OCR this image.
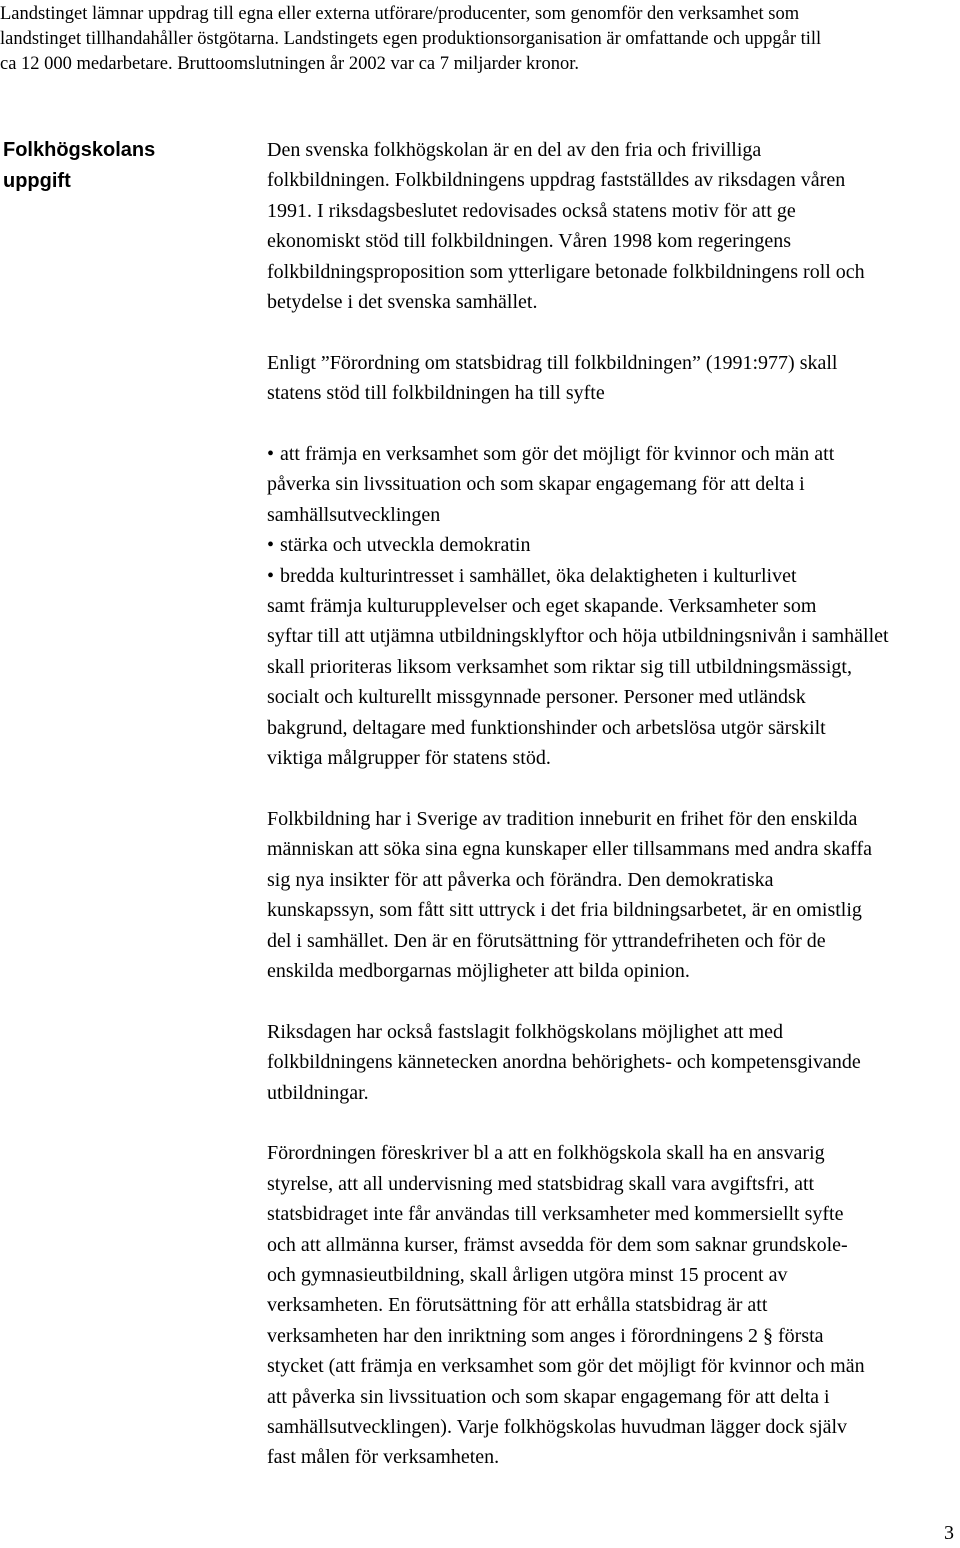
Landstinget lämnar uppdrag till egna eller externa utförare/producenter, som genomför den verksamhet som
landstinget tillhandahåller östgötarna. Landstingets egen produktionsorganisation är omfattande och uppgår till
ca 12 000 medarbetare. Bruttoomslutningen år 2002 var ca 7 miljarder kronor.
Folkhögskolans
uppgift
Den svenska folkhögskolan är en del av den fria och frivilliga
folkbildningen. Folkbildningens uppdrag fastställdes av riksdagen våren
1991. I riksdagsbeslutet redovisades också statens motiv för att ge
ekonomiskt stöd till folkbildningen. Våren 1998 kom regeringens
folkbildningsproposition som ytterligare betonade folkbildningens roll och
betydelse i det svenska samhället.
Enligt ”Förordning om statsbidrag till folkbildningen” (1991:977) skall
statens stöd till folkbildningen ha till syfte
• att främja en verksamhet som gör det möjligt för kvinnor och män att
påverka sin livssituation och som skapar engagemang för att delta i
samhällsutvecklingen
• stärka och utveckla demokratin
• bredda kulturintresset i samhället, öka delaktigheten i kulturlivet
samt främja kulturupplevelser och eget skapande. Verksamheter som
syftar till att utjämna utbildningsklyftor och höja utbildningsnivån i samhället
skall prioriteras liksom verksamhet som riktar sig till utbildningsmässigt,
socialt och kulturellt missgynnade personer. Personer med utländsk
bakgrund, deltagare med funktionshinder och arbetslösa utgör särskilt
viktiga målgrupper för statens stöd.
Folkbildning har i Sverige av tradition inneburit en frihet för den enskilda
människan att söka sina egna kunskaper eller tillsammans med andra skaffa
sig nya insikter för att påverka och förändra. Den demokratiska
kunskapssyn, som fått sitt uttryck i det fria bildningsarbetet, är en omistlig
del i samhället. Den är en förutsättning för yttrandefriheten och för de
enskilda medborgarnas möjligheter att bilda opinion.
Riksdagen har också fastslagit folkhögskolans möjlighet att med
folkbildningens kännetecken anordna behörighets- och kompetensgivande
utbildningar.
Förordningen föreskriver bl a att en folkhögskola skall ha en ansvarig
styrelse, att all undervisning med statsbidrag skall vara avgiftsfri, att
statsbidraget inte får användas till verksamheter med kommersiellt syfte
och att allmänna kurser, främst avsedda för dem som saknar grundskole-
och gymnasieutbildning, skall årligen utgöra minst 15 procent av
verksamheten. En förutsättning för att erhålla statsbidrag är att
verksamheten har den inriktning som anges i förordningens 2 § första
stycket (att främja en verksamhet som gör det möjligt för kvinnor och män
att påverka sin livssituation och som skapar engagemang för att delta i
samhällsutvecklingen). Varje folkhögskolas huvudman lägger dock själv
fast målen för verksamheten.
3
